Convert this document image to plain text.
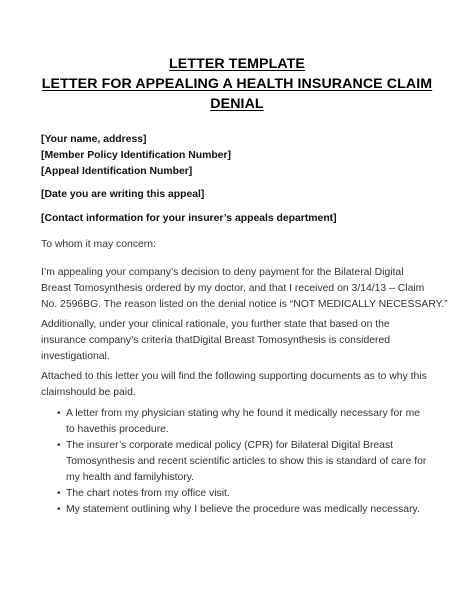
LETTER TEMPLATE
LETTER FOR APPEALING A HEALTH INSURANCE CLAIM
DENIAL
[Your name, address]
[Member Policy Identification Number]
[Appeal Identification Number]
[Date you are writing this appeal]
[Contact information for your insurer’s appeals department]
To whom it may concern:
I’m appealing your company’s decision to deny payment for the Bilateral Digital
Breast Tomosynthesis ordered by my doctor, and that I received on 3/14/13 – Claim
No. 2596BG. The reason listed on the denial notice is “NOT MEDICALLY NECESSARY.”
Additionally, under your clinical rationale, you further state that based on the
insurance company’s criteria thatDigital Breast Tomosynthesis is considered
investigational.
Attached to this letter you will find the following supporting documents as to why this
claimshould be paid.
• A letter from my physician stating why he found it medically necessary for me
to havethis procedure.
• The insurer’s corporate medical policy (CPR) for Bilateral Digital Breast
Tomosynthesis and recent scientific articles to show this is standard of care for
my health and familyhistory.
• The chart notes from my office visit.
• My statement outlining why I believe the procedure was medically necessary.
